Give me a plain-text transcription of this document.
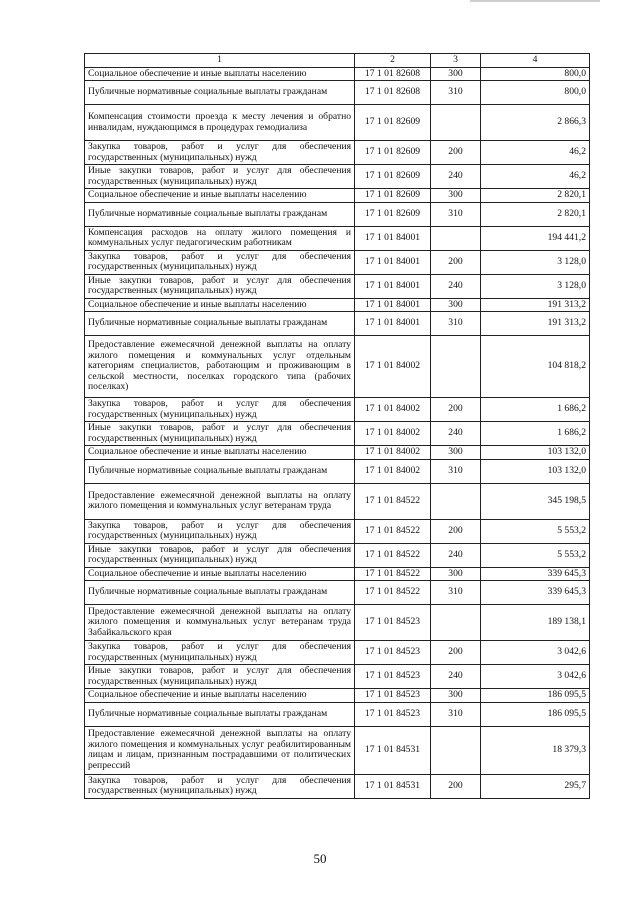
1	2	3	4
Социальное обеспечение и иные выплаты населению	17 1 01 82608	300	800,0
Публичные нормативные социальные выплаты гражданам	17 1 01 82608	310	800,0
Компенсация стоимости проезда к месту лечения и обратно инвалидам, нуждающимся в процедурах гемодиализа	17 1 01 82609		2 866,3
Закупка товаров, работ и услуг для обеспечения государственных (муниципальных) нужд	17 1 01 82609	200	46,2
Иные закупки товаров, работ и услуг для обеспечения государственных (муниципальных) нужд	17 1 01 82609	240	46,2
Социальное обеспечение и иные выплаты населению	17 1 01 82609	300	2 820,1
Публичные нормативные социальные выплаты гражданам	17 1 01 82609	310	2 820,1
Компенсация расходов на оплату жилого помещения и коммунальных услуг педагогическим работникам	17 1 01 84001		194 441,2
Закупка товаров, работ и услуг для обеспечения государственных (муниципальных) нужд	17 1 01 84001	200	3 128,0
Иные закупки товаров, работ и услуг для обеспечения государственных (муниципальных) нужд	17 1 01 84001	240	3 128,0
Социальное обеспечение и иные выплаты населению	17 1 01 84001	300	191 313,2
Публичные нормативные социальные выплаты гражданам	17 1 01 84001	310	191 313,2
Предоставление ежемесячной денежной выплаты на оплату жилого помещения и коммунальных услуг отдельным категориям специалистов, работающим и проживающим в сельской местности, поселках городского типа (рабочих поселках)	17 1 01 84002		104 818,2
Закупка товаров, работ и услуг для обеспечения государственных (муниципальных) нужд	17 1 01 84002	200	1 686,2
Иные закупки товаров, работ и услуг для обеспечения государственных (муниципальных) нужд	17 1 01 84002	240	1 686,2
Социальное обеспечение и иные выплаты населению	17 1 01 84002	300	103 132,0
Публичные нормативные социальные выплаты гражданам	17 1 01 84002	310	103 132,0
Предоставление ежемесячной денежной выплаты на оплату жилого помещения и коммунальных услуг ветеранам труда	17 1 01 84522		345 198,5
Закупка товаров, работ и услуг для обеспечения государственных (муниципальных) нужд	17 1 01 84522	200	5 553,2
Иные закупки товаров, работ и услуг для обеспечения государственных (муниципальных) нужд	17 1 01 84522	240	5 553,2
Социальное обеспечение и иные выплаты населению	17 1 01 84522	300	339 645,3
Публичные нормативные социальные выплаты гражданам	17 1 01 84522	310	339 645,3
Предоставление ежемесячной денежной выплаты на оплату жилого помещения и коммунальных услуг ветеранам труда Забайкальского края	17 1 01 84523		189 138,1
Закупка товаров, работ и услуг для обеспечения государственных (муниципальных) нужд	17 1 01 84523	200	3 042,6
Иные закупки товаров, работ и услуг для обеспечения государственных (муниципальных) нужд	17 1 01 84523	240	3 042,6
Социальное обеспечение и иные выплаты населению	17 1 01 84523	300	186 095,5
Публичные нормативные социальные выплаты гражданам	17 1 01 84523	310	186 095,5
Предоставление ежемесячной денежной выплаты на оплату жилого помещения и коммунальных услуг реабилитированным лицам и лицам, признанным пострадавшими от политических репрессий	17 1 01 84531		18 379,3
Закупка товаров, работ и услуг для обеспечения государственных (муниципальных) нужд	17 1 01 84531	200	295,7
50
